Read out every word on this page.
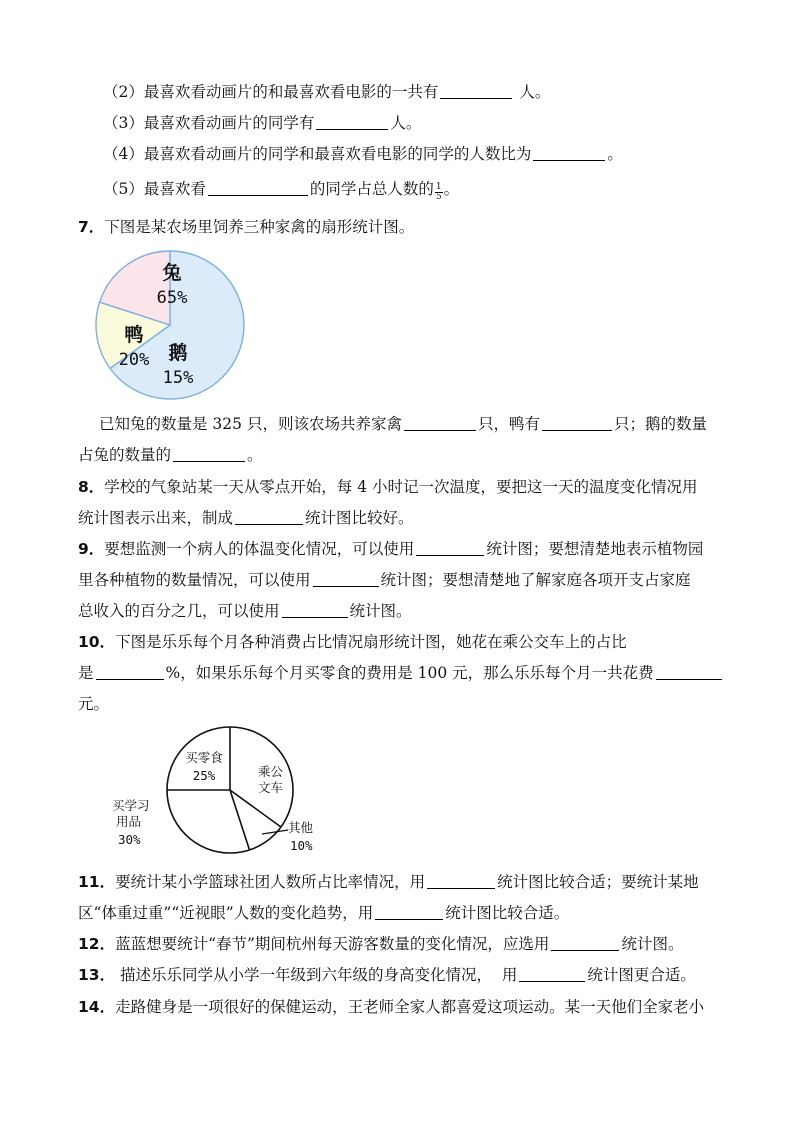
（2）最喜欢看动画片的和最喜欢看电影的一共有	人。
（3）最喜欢看动画片的同学有	人。
（4）最喜欢看动画片的同学和最喜欢看电影的同学的人数比为	。
（5）最喜欢看	的同学占总人数的 $\frac{1}{5}$ 。
7．下图是某农场里饲养三种家禽的扇形统计图。
兔
65%
鸭
20% 鹅
15%
已知兔的数量是 325 只，则该农场共养家禽	只，鸭有	只；鹅的数量
占兔的数量的	。
8．学校的气象站某一天从零点开始，每 4 小时记一次温度，要把这一天的温度变化情况用
统计图表示出来，制成	统计图比较好。
9．要想监测一个病人的体温变化情况，可以使用	统计图；要想清楚地表示植物园
里各种植物的数量情况，可以使用	统计图；要想清楚地了解家庭各项开支占家庭
总收入的百分之几，可以使用	统计图。
10．下图是乐乐每个月各种消费占比情况扇形统计图，她花在乘公交车上的占比
是	%，如果乐乐每个月买零食的费用是 100 元，那么乐乐每个月一共花费
元。
买零食
25%	乘公
文车
其他
10%
买学习
用品
30%
11．要统计某小学篮球社团人数所占比率情况，用	统计图比较合适；要统计某地
区“体重过重”“近视眼”人数的变化趋势，用	统计图比较合适。
12．蓝蓝想要统计“春节”期间杭州每天游客数量的变化情况，应选用	统计图。
13． 描述乐乐同学从小学一年级到六年级的身高变化情况， 用	统计图更合适。
14．走路健身是一项很好的保健运动，王老师全家人都喜爱这项运动。某一天他们全家老小
